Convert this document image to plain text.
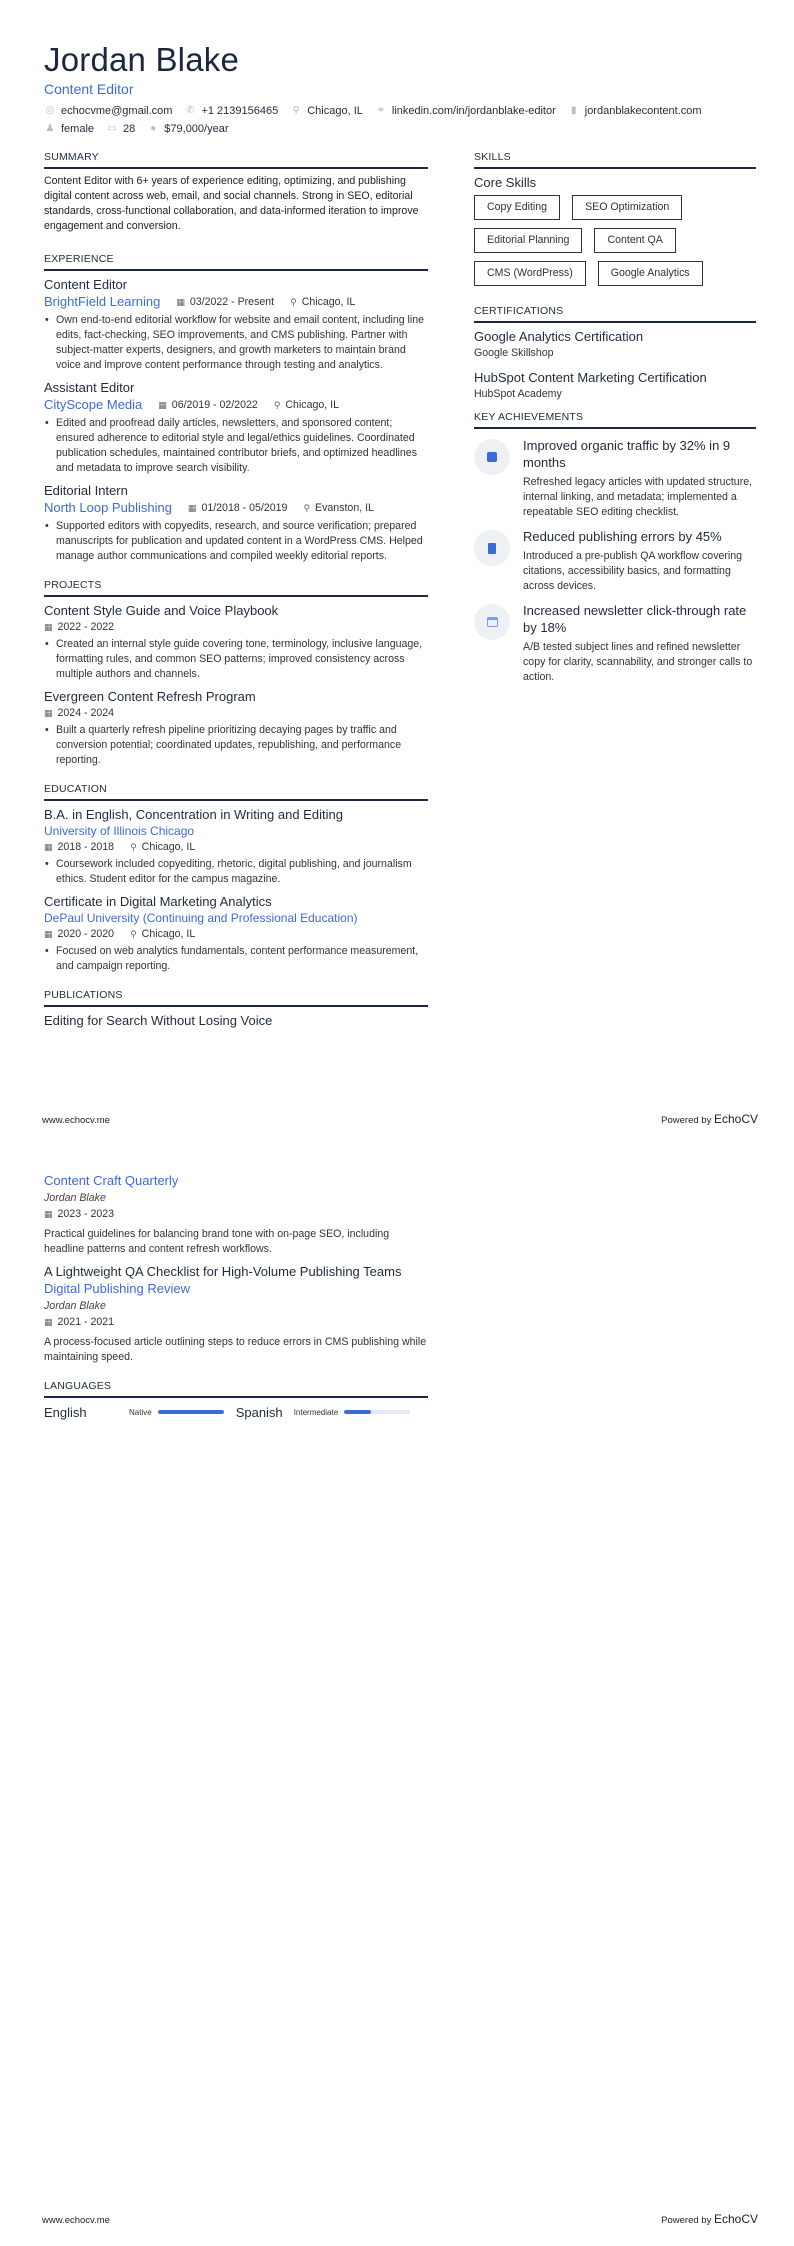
Jordan Blake
Content Editor
◎ echocvme@gmail.com ✆ +1 2139156465 ⚲ Chicago, IL ⚭ linkedin.com/in/jordanblake-editor	▮ jordanblakecontent.com
♟ female ▭ 28 ● $79,000/year
SUMMARY
Content Editor with 6+ years of experience editing, optimizing, and publishing digital content across web, email, and social channels. Strong in SEO, editorial standards, cross-functional collaboration, and data-informed iteration to improve engagement and conversion.
EXPERIENCE
Content Editor
BrightField Learning ▦ 03/2022 - Present ⚲ Chicago, IL
• Own end-to-end editorial workflow for website and email content, including line edits, fact-checking, SEO improvements, and CMS publishing. Partner with subject-matter experts, designers, and growth marketers to maintain brand voice and improve content performance through testing and analytics.
Assistant Editor
CityScope Media ▦ 06/2019 - 02/2022 ⚲ Chicago, IL
• Edited and proofread daily articles, newsletters, and sponsored content; ensured adherence to editorial style and legal/ethics guidelines. Coordinated publication schedules, maintained contributor briefs, and optimized headlines and metadata to improve search visibility.
Editorial Intern
North Loop Publishing ▦ 01/2018 - 05/2019 ⚲ Evanston, IL
• Supported editors with copyedits, research, and source verification; prepared manuscripts for publication and updated content in a WordPress CMS. Helped manage author communications and compiled weekly editorial reports.
PROJECTS
Content Style Guide and Voice Playbook
▦ 2022 - 2022
• Created an internal style guide covering tone, terminology, inclusive language, formatting rules, and common SEO patterns; improved consistency across multiple authors and channels.
Evergreen Content Refresh Program
▦ 2024 - 2024
• Built a quarterly refresh pipeline prioritizing decaying pages by traffic and conversion potential; coordinated updates, republishing, and performance reporting.
EDUCATION
B.A. in English, Concentration in Writing and Editing
University of Illinois Chicago
▦ 2018 - 2018 ⚲ Chicago, IL
• Coursework included copyediting, rhetoric, digital publishing, and journalism ethics. Student editor for the campus magazine.
Certificate in Digital Marketing Analytics
DePaul University (Continuing and Professional Education)
▦ 2020 - 2020 ⚲ Chicago, IL
• Focused on web analytics fundamentals, content performance measurement, and campaign reporting.
PUBLICATIONS
Editing for Search Without Losing Voice
SKILLS
Core Skills
Copy Editing	SEO Optimization
Editorial Planning	Content QA
CMS (WordPress)	Google Analytics
CERTIFICATIONS
Google Analytics Certification
Google Skillshop
HubSpot Content Marketing Certification
HubSpot Academy
KEY ACHIEVEMENTS
Improved organic traffic by 32% in 9 months
Refreshed legacy articles with updated structure, internal linking, and metadata; implemented a repeatable SEO editing checklist.
Reduced publishing errors by 45%
Introduced a pre-publish QA workflow covering citations, accessibility basics, and formatting across devices.
Increased newsletter click-through rate by 18%
A/B tested subject lines and refined newsletter copy for clarity, scannability, and stronger calls to action.
www.echocv.me	Powered by EchoCV
Content Craft Quarterly
Jordan Blake
▦ 2023 - 2023
Practical guidelines for balancing brand tone with on-page SEO, including headline patterns and content refresh workflows.
A Lightweight QA Checklist for High-Volume Publishing Teams
Digital Publishing Review
Jordan Blake
▦ 2021 - 2021
A process-focused article outlining steps to reduce errors in CMS publishing while maintaining speed.
LANGUAGES
English	Native	Spanish	Intermediate
www.echocv.me	Powered by EchoCV
